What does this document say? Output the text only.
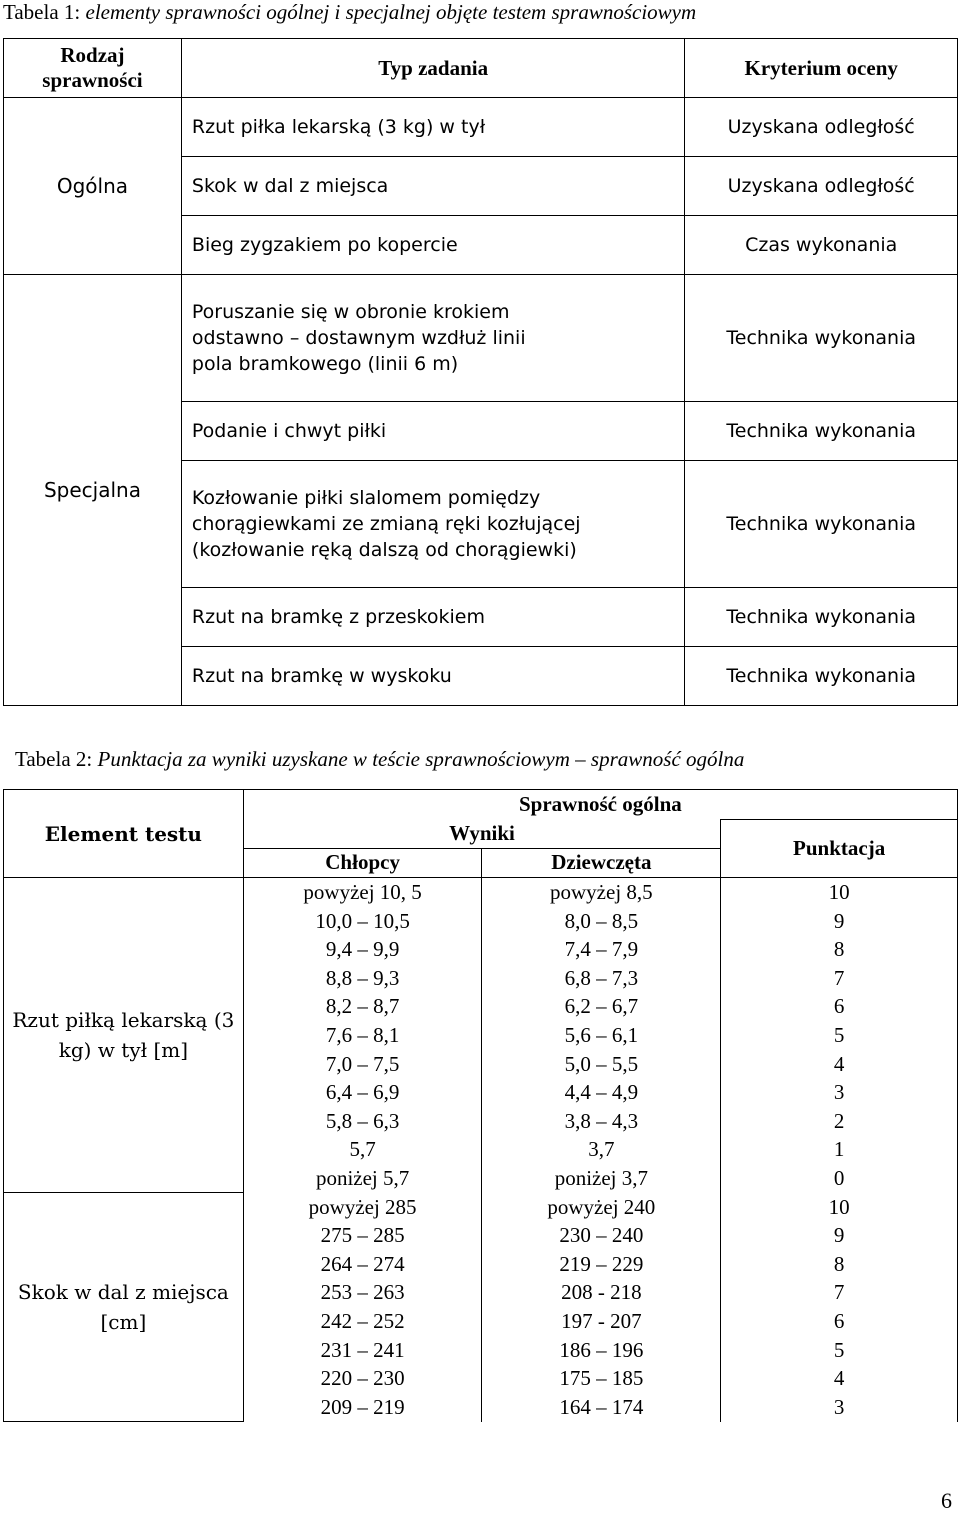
Tabela 1: elementy sprawności ogólnej i specjalnej objęte testem sprawnościowym
Rodzaj sprawności	Typ zadania	Kryterium oceny
Ogólna	Rzut piłka lekarską (3 kg) w tył	Uzyskana odległość
	Skok w dal z miejsca	Uzyskana odległość
	Bieg zygzakiem po kopercie	Czas wykonania
Specjalna	Poruszanie się w obronie krokiem odstawno – dostawnym wzdłuż linii pola bramkowego (linii 6 m)	Technika wykonania
	Podanie i chwyt piłki	Technika wykonania
	Kozłowanie piłki slalomem pomiędzy chorągiewkami ze zmianą ręki kozłującej (kozłowanie ręką dalszą od chorągiewki)	Technika wykonania
	Rzut na bramkę z przeskokiem	Technika wykonania
	Rzut na bramkę w wyskoku	Technika wykonania
Tabela 2: Punktacja za wyniki uzyskane w teście sprawnościowym – sprawność ogólna
Element testu	Sprawność ogólna		
	Wyniki		Punktacja
	Chłopcy	Dziewczęta	
Rzut piłką lekarską (3 kg) w tył [m]	powyżej 10, 5	powyżej 8,5	10
	10,0 – 10,5	8,0 – 8,5	9
	9,4 – 9,9	7,4 – 7,9	8
	8,8 – 9,3	6,8 – 7,3	7
	8,2 – 8,7	6,2 – 6,7	6
	7,6 – 8,1	5,6 – 6,1	5
	7,0 – 7,5	5,0 – 5,5	4
	6,4 – 6,9	4,4 – 4,9	3
	5,8 – 6,3	3,8 – 4,3	2
	5,7	3,7	1
	poniżej 5,7	poniżej 3,7	0
Skok w dal z miejsca [cm]	powyżej 285	powyżej 240	10
	275 – 285	230 – 240	9
	264 – 274	219 – 229	8
	253 – 263	208 - 218	7
	242 – 252	197 - 207	6
	231 – 241	186 – 196	5
	220 – 230	175 – 185	4
	209 – 219	164 – 174	3
6
